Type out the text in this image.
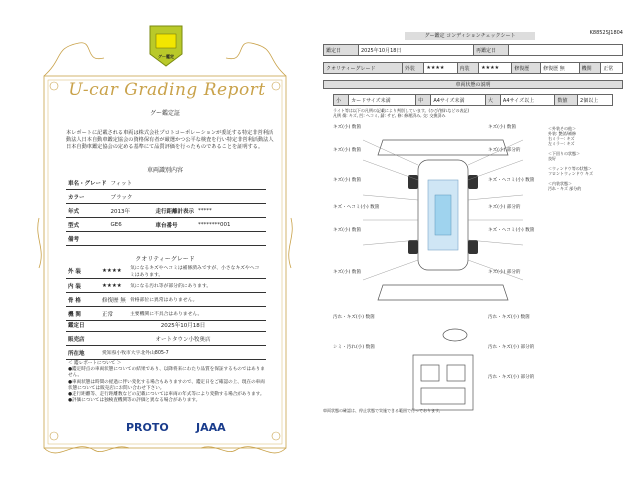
グー鑑定
U-car Grading Report
グー鑑定証
本レポートに記載される車両は株式会社プロトコーポレーションが委託する特定非営利活動法人日本自動車鑑定協会の資格保有者が厳選かつ公平な検査を行い特定非営利活動法人日本自動車鑑定協会の定める基準にて品質評価を行ったものであることを証明する。
車両識別内容
車名・グレード	フィット		
カラー	ブラック		
年式	2013年	走行距離計表示	*****
型式	GE6	車台番号	********001
備考			
クオリティーグレード
外 装	★★★★	気になるキズやヘコミは補修済みですが、小さなキズやヘコミはあります。
内 装	★★★★	気になる汚れ等が部分的にあります。
骨 格	修復歴 無	骨格部位に異常はありません。
機 関	正常	主要機関に不具合はありません。
鑑定日	2025年10月18日
販売店	オートタウン小牧奥店
所在地	愛知県小牧市大字北外山805-7
＜ 鑑レポートについて ＞
●鑑定時点の車両状態についての結果であり、以降将来にわたり品質を保証するものではありません。
●車両状態は時間の経過に伴い変化する場合もありますので、鑑定日をご確認の上、現在の車両状態については販売店にお問い合わせ下さい。
●走行距離等、走行距離数などの記載については車両の年式等により変動する場合があります。
●評価については独検査機関等の評価と異なる場合があります。
PROTO JAAA
K8852SJ1804
グー鑑定 コンディションチェックシート
鑑定日	2025年10月18日	再鑑定日	
クオリティーグレード	外装	★★★★	内装	★★★★	修復歴	修復歴 無	機関	正常
車両状態の説明
小	カードサイズ未満	中	A4サイズ未満	大	A4サイズ以上	数値	2個以上
ライト等は以下の凡例の記載により判別しています。(ひび/割れなどの表記)
凡例 傷: キズ, 凹: ヘコミ, 錆: サビ, 修: 修理済み, 交: 交換済み
キズ(小) 数箇
キズ(小) 数箇
キズ(小) 数箇
キズ・ヘコミ(小) 数箇
キズ(小) 数箇
キズ(小) 数箇
汚れ・キズ(小) 数箇
シミ・汚れ(小) 数箇
キズ(小) 数箇
キズ(小) 部分的
キズ・ヘコミ(小) 数箇
キズ(小) 部分的
キズ・ヘコミ(小) 数箇
キズ(小) 部分的
汚れ・キズ(小) 数箇
汚れ・キズ(小) 部分的
汚れ・キズ(小) 部分的
＜外装その他＞
外装: 艶消/補修
右ミラー: キズ
左ミラー: キズ

＜下回りの状態＞
良好

＜ウィンドウ等の状態＞
フロントウィンドウ キズ

＜内装状態＞
汚れ・キズ 部分的
車両状態の確認は、停止状態で実施できる範囲で行っております。
